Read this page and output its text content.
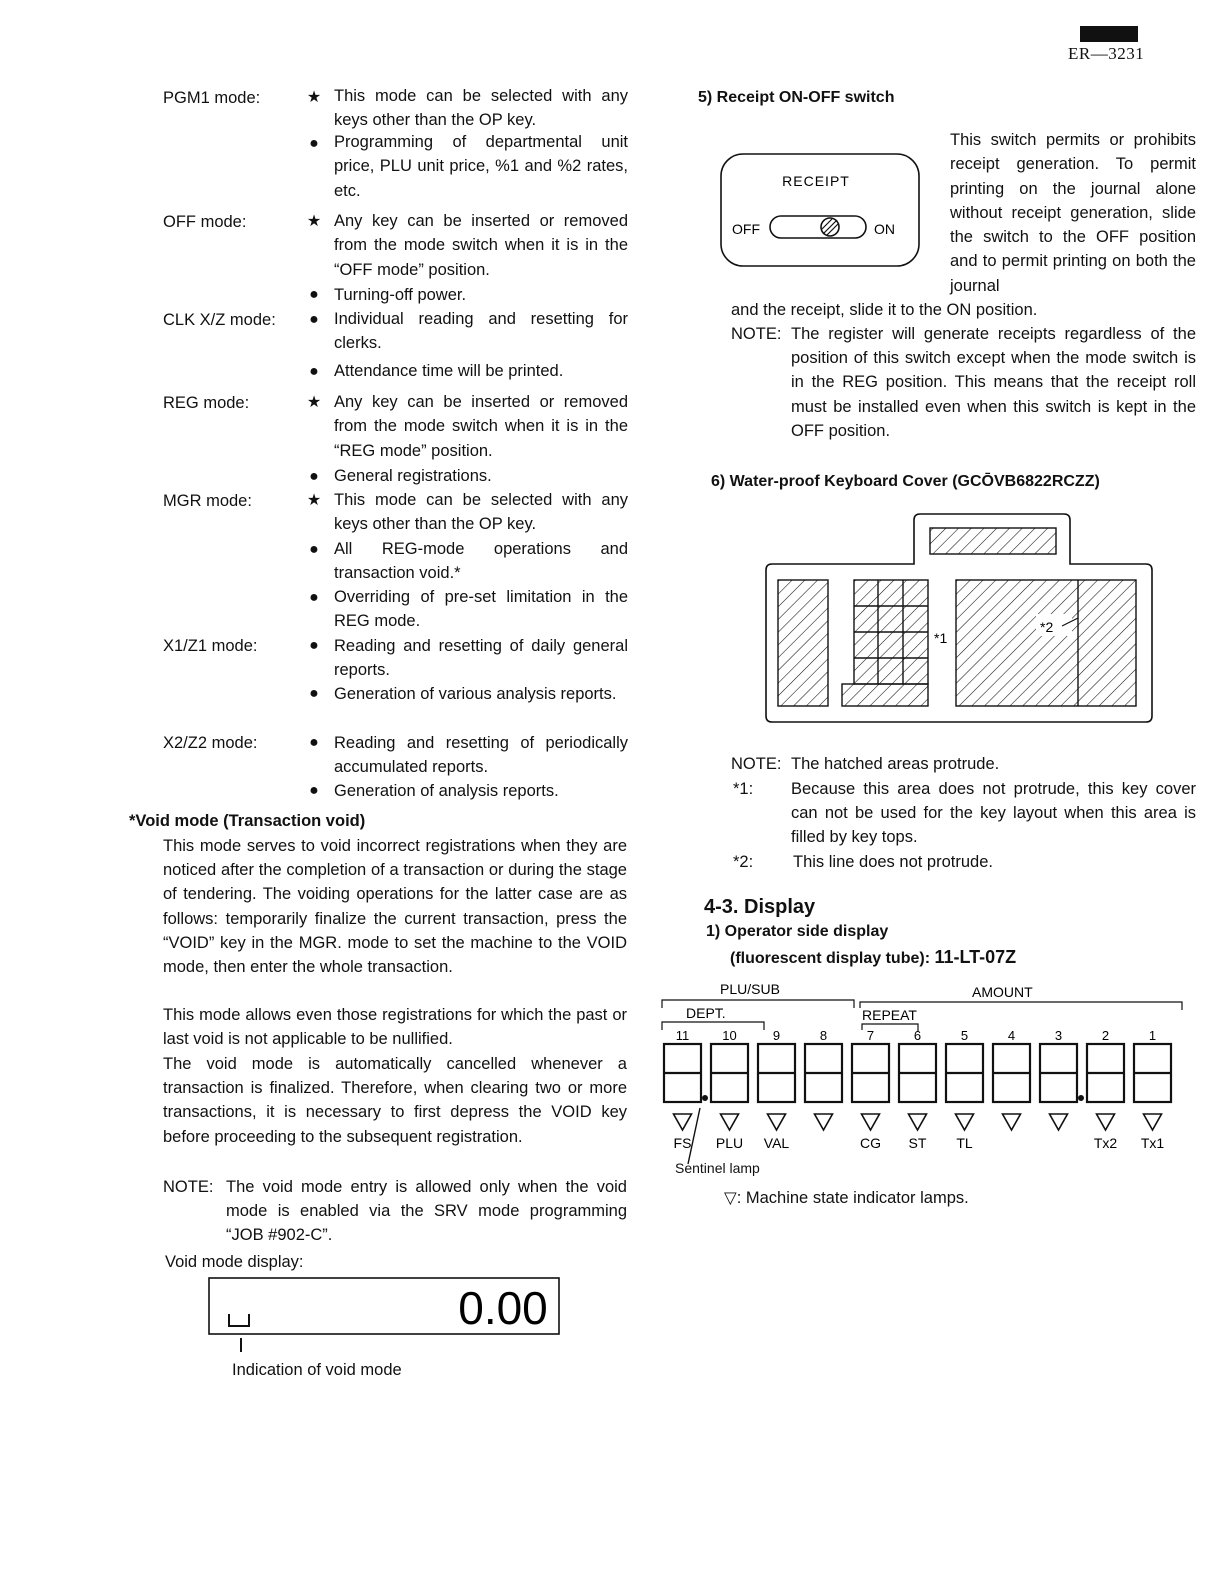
ER—3231
PGM1 mode:	★ This mode can be selected with any keys other than the OP key.
● Programming of departmental unit price, PLU unit price, %1 and %2 rates, etc.
OFF mode:	★ Any key can be inserted or removed from the mode switch when it is in the “OFF mode” position.
● Turning-off power.
CLK X/Z mode:	● Individual reading and resetting for clerks.
● Attendance time will be printed.
REG mode:	★ Any key can be inserted or removed from the mode switch when it is in the “REG mode” position.
● General registrations.
MGR mode:	★ This mode can be selected with any keys other than the OP key.
● All REG-mode operations and transaction void.*
● Overriding of pre-set limitation in the REG mode.
X1/Z1 mode:	● Reading and resetting of daily general reports.
● Generation of various analysis reports.
X2/Z2 mode:	● Reading and resetting of periodically accumulated reports.
● Generation of analysis reports.
*Void mode (Transaction void)
This mode serves to void incorrect registrations when they are noticed after the completion of a transaction or during the stage of tendering. The voiding operations for the latter case are as follows: temporarily finalize the current transaction, press the “VOID” key in the MGR. mode to set the machine to the VOID mode, then enter the whole transaction.
This mode allows even those registrations for which the past or last void is not applicable to be nullified.
The void mode is automatically cancelled whenever a transaction is finalized. Therefore, when clearing two or more transactions, it is necessary to first depress the VOID key before proceeding to the subsequent registration.
NOTE: The void mode entry is allowed only when the void mode is enabled via the SRV mode programming “JOB #902-C”.
Void mode display:
0.00
Indication of void mode
5) Receipt ON-OFF switch
RECEIPT
OFF	ON
This switch permits or prohibits receipt generation. To permit printing on the journal alone without receipt generation, slide the switch to the OFF position and to permit printing on both the journal
and the receipt, slide it to the ON position.
NOTE: The register will generate receipts regardless of the position of this switch except when the mode switch is in the REG position. This means that the receipt roll must be installed even when this switch is kept in the OFF position.
6) Water-proof Keyboard Cover (GCŌVB6822RCZZ)
*1
*2
NOTE: The hatched areas protrude.
*1: Because this area does not protrude, this key cover can not be used for the key layout when this area is filled by key tops.
*2: This line does not protrude.
4-3. Display
1) Operator side display
(fluorescent display tube): 11-LT-07Z
PLU/SUB	AMOUNT
DEPT.	REPEAT
11	10	9	8	7	6	5	4	3	2	1
FS PLU VAL	CG ST TL	Tx2 Tx1
Sentinel lamp
▽: Machine state indicator lamps.
